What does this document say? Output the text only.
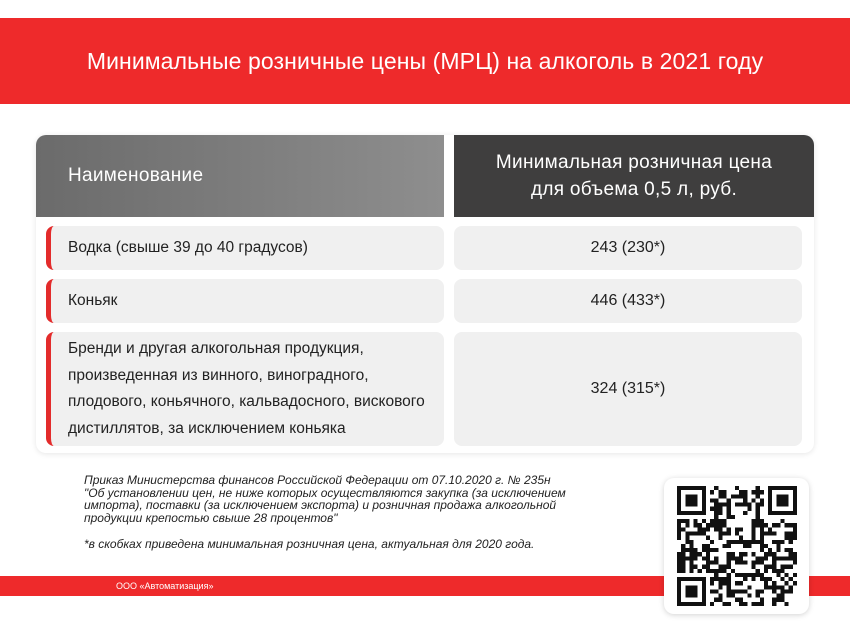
Минимальные розничные цены (МРЦ) на алкоголь в 2021 году
Наименование
Минимальная розничная цена
для объема 0,5 л, руб.
Водка (свыше 39 до 40 градусов)	243 (230*)
Коньяк	446 (433*)
Бренди и другая алкогольная продукция,
произведенная из винного, виноградного,
плодового, коньячного, кальвадосного, вискового
дистиллятов, за исключением коньяка
324 (315*)
Приказ Министерства финансов Российской Федерации от 07.10.2020 г. № 235н
"Об установлении цен, не ниже которых осуществляются закупка (за исключением
импорта), поставки (за исключением экспорта) и розничная продажа алкогольной
продукции крепостью свыше 28 процентов"
*в скобках приведена минимальная розничная цена, актуальная для 2020 года.
ООО «Автоматизация»
